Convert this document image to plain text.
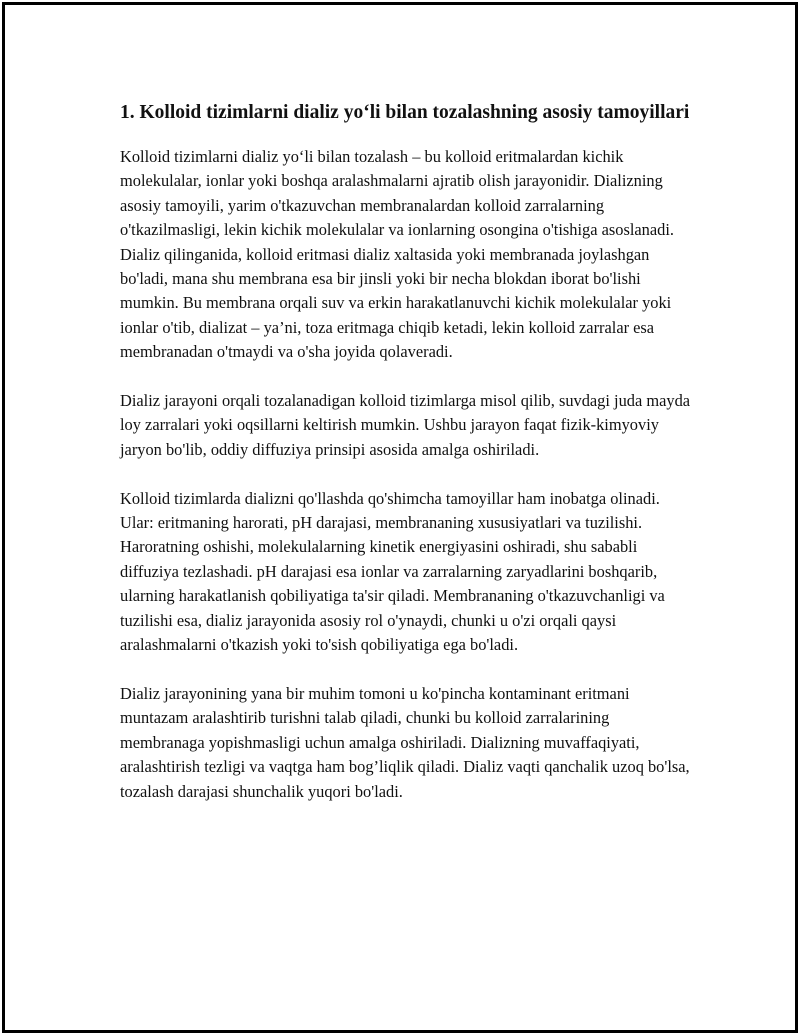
1. Kolloid tizimlarni dializ yo‘li bilan tozalashning asosiy tamoyillari

Kolloid tizimlarni dializ yo‘li bilan tozalash – bu kolloid eritmalardan kichik molekulalar, ionlar yoki boshqa aralashmalarni ajratib olish jarayonidir. Dializning asosiy tamoyili, yarim o'tkazuvchan membranalardan kolloid zarralarning o'tkazilmasligi, lekin kichik molekulalar va ionlarning osongina o'tishiga asoslanadi. Dializ qilinganida, kolloid eritmasi dializ xaltasida yoki membranada joylashgan bo'ladi, mana shu membrana esa bir jinsli yoki bir necha blokdan iborat bo'lishi mumkin. Bu membrana orqali suv va erkin harakatlanuvchi kichik molekulalar yoki ionlar o'tib, dializat – ya’ni, toza eritmaga chiqib ketadi, lekin kolloid zarralar esa membranadan o'tmaydi va o'sha joyida qolaveradi.

Dializ jarayoni orqali tozalanadigan kolloid tizimlarga misol qilib, suvdagi juda mayda loy zarralari yoki oqsillarni keltirish mumkin. Ushbu jarayon faqat fizik-kimyoviy jaryon bo'lib, oddiy diffuziya prinsipi asosida amalga oshiriladi.

Kolloid tizimlarda dializni qo'llashda qo'shimcha tamoyillar ham inobatga olinadi. Ular: eritmaning harorati, pH darajasi, membrananing xususiyatlari va tuzilishi. Haroratning oshishi, molekulalarning kinetik energiyasini oshiradi, shu sababli diffuziya tezlashadi. pH darajasi esa ionlar va zarralarning zaryadlarini boshqarib, ularning harakatlanish qobiliyatiga ta'sir qiladi. Membrananing o'tkazuvchanligi va tuzilishi esa, dializ jarayonida asosiy rol o'ynaydi, chunki u o'zi orqali qaysi aralashmalarni o'tkazish yoki to'sish qobiliyatiga ega bo'ladi.

Dializ jarayonining yana bir muhim tomoni u ko'pincha kontaminant eritmani muntazam aralashtirib turishni talab qiladi, chunki bu kolloid zarralarining membranaga yopishmasligi uchun amalga oshiriladi. Dializning muvaffaqiyati, aralashtirish tezligi va vaqtga ham bog’liqlik qiladi. Dializ vaqti qanchalik uzoq bo'lsa, tozalash darajasi shunchalik yuqori bo'ladi.
